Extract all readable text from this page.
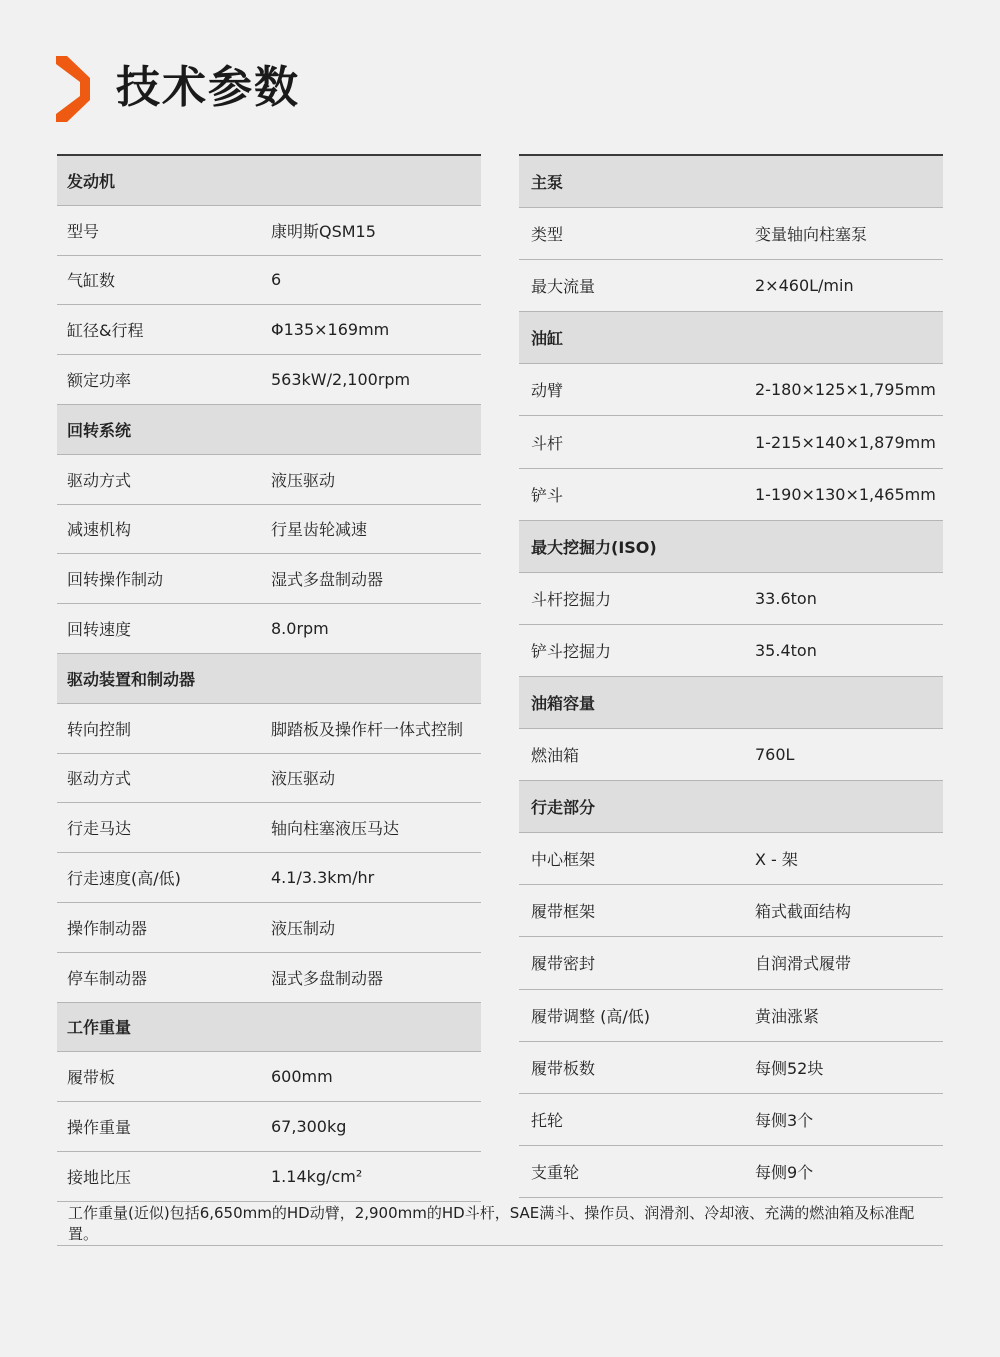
技术参数
发动机
型号	康明斯QSM15
气缸数	6
缸径&行程	Φ135×169mm
额定功率	563kW/2,100rpm
回转系统
驱动方式	液压驱动
减速机构	行星齿轮减速
回转操作制动	湿式多盘制动器
回转速度	8.0rpm
驱动装置和制动器
转向控制	脚踏板及操作杆一体式控制
驱动方式	液压驱动
行走马达	轴向柱塞液压马达
行走速度(高/低)	4.1/3.3km/hr
操作制动器	液压制动
停车制动器	湿式多盘制动器
工作重量
履带板	600mm
操作重量	67,300kg
接地比压	1.14kg/cm²
主泵
类型	变量轴向柱塞泵
最大流量	2×460L/min
油缸
动臂	2-180×125×1,795mm
斗杆	1-215×140×1,879mm
铲斗	1-190×130×1,465mm
最大挖掘力(ISO)
斗杆挖掘力	33.6ton
铲斗挖掘力	35.4ton
油箱容量
燃油箱	760L
行走部分
中心框架	X - 架
履带框架	箱式截面结构
履带密封	自润滑式履带
履带调整 (高/低)	黄油涨紧
履带板数	每侧52块
托轮	每侧3个
支重轮	每侧9个
工作重量(近似)包括6,650mm的HD动臂，2,900mm的HD斗杆，SAE满斗、操作员、润滑剂、冷却液、充满的燃油箱及标准配置。
